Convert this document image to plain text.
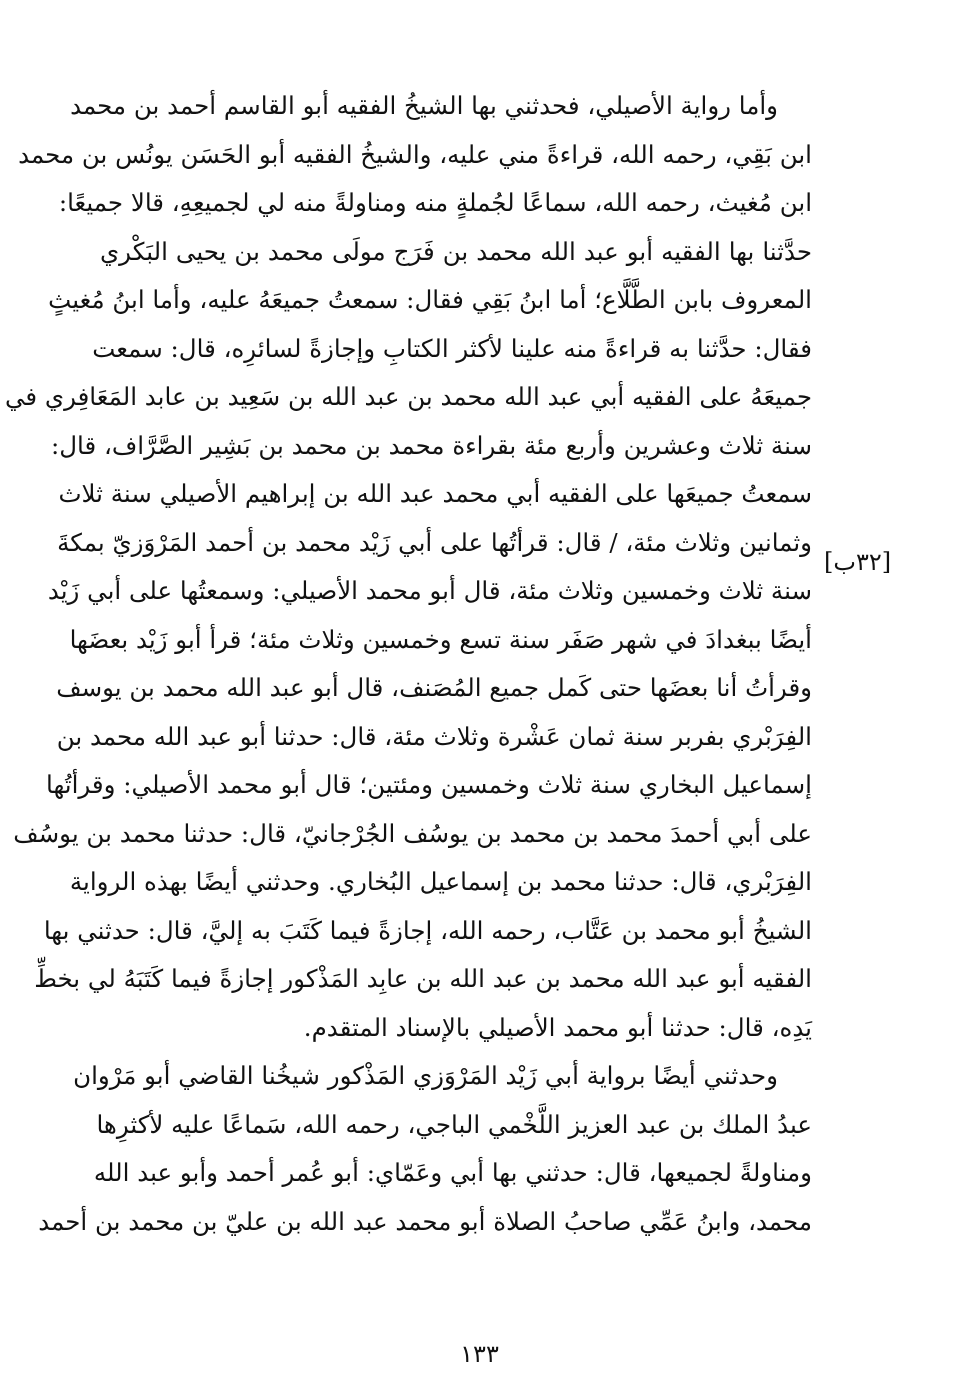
وأما رواية الأصيلي، فحدثني بها الشيخُ الفقيه أبو القاسم أحمد بن محمد
ابن بَقِي، رحمه الله، قراءةً مني عليه، والشيخُ الفقيه أبو الحَسَن يونُس بن محمد
ابن مُغيث، رحمه الله، سماعًا لجُملةٍ منه ومناولةً منه لي لجميعِهِ، قالا جميعًا:
حدَّثنا بها الفقيه أبو عبد الله محمد بن فَرَج مولَى محمد بن يحيى البَكْري
المعروف بابن الطَّلَّاع؛ أما ابنُ بَقِي فقال: سمعتُ جميعَهُ عليه، وأما ابنُ مُغيثٍ
فقال: حدَّثنا به قراءةً منه علينا لأكثر الكتابِ وإجازةً لسائرِه، قال: سمعت
جميعَهُ على الفقيه أبي عبد الله محمد بن عبد الله بن سَعِيد بن عابد المَعَافِري في
سنة ثلاث وعشرين وأربع مئة بقراءة محمد بن محمد بن بَشِير الصَّرَّاف، قال:
سمعتُ جميعَها على الفقيه أبي محمد عبد الله بن إبراهيم الأصيلي سنة ثلاث
وثمانين وثلاث مئة، / قال: قرأتُها على أبي زَيْد محمد بن أحمد المَرْوَزيّ بمكةَ
سنة ثلاث وخمسين وثلاث مئة، قال أبو محمد الأصيلي: وسمعتُها على أبي زَيْد
أيضًا ببغدادَ في شهر صَفَر سنة تسع وخمسين وثلاث مئة؛ قرأ أبو زَيْد بعضَها
وقرأتُ أنا بعضَها حتى كَمل جميع المُصَنف، قال أبو عبد الله محمد بن يوسف
الفِرَبْري بفربر سنة ثمان عَشْرة وثلاث مئة، قال: حدثنا أبو عبد الله محمد بن
إسماعيل البخاري سنة ثلاث وخمسين ومئتين؛ قال أبو محمد الأصيلي: وقرأتُها
على أبي أحمدَ محمد بن محمد بن يوسُف الجُرْجانيّ، قال: حدثنا محمد بن يوسُف
الفِرَبْري، قال: حدثنا محمد بن إسماعيل البُخاري. وحدثني أيضًا بهذه الرواية
الشيخُ أبو محمد بن عَتَّاب، رحمه الله، إجازةً فيما كَتَبَ به إليَّ، قال: حدثني بها
الفقيه أبو عبد الله محمد بن عبد الله بن عابِد المَذْكور إجازةً فيما كَتَبَهُ لي بخطِّ
يَدِه، قال: حدثنا أبو محمد الأصيلي بالإسناد المتقدم.
وحدثني أيضًا برواية أبي زَيْد المَرْوَزي المَذْكور شيخُنا القاضي أبو مَرْوان
عبدُ الملك بن عبد العزيز اللَّخْمي الباجي، رحمه الله، سَماعًا عليه لأكثرِها
ومناولةً لجميعها، قال: حدثني بها أبي وعَمّاي: أبو عُمر أحمد وأبو عبد الله
محمد، وابنُ عَمِّي صاحبُ الصلاة أبو محمد عبد الله بن عليّ بن محمد بن أحمد
[٣٢ب]
١٣٣
